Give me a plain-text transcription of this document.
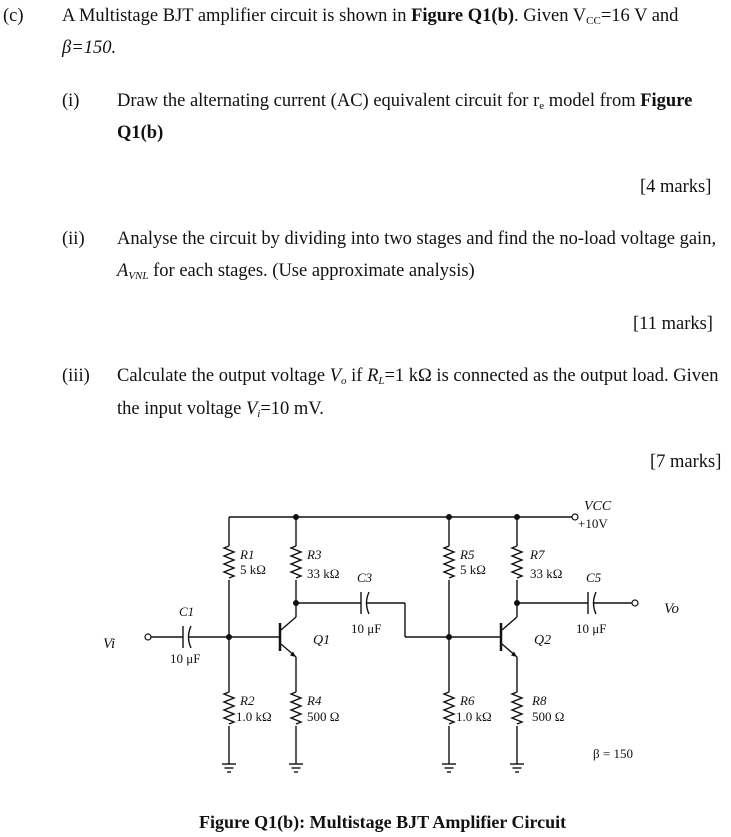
(c) A Multistage BJT amplifier circuit is shown in Figure Q1(b). Given $V_{CC}=16$ V and
β=150.
(i) Draw the alternating current (AC) equivalent circuit for $r_e$ model from Figure
Q1(b)
[4 marks]
(ii) Analyse the circuit by dividing into two stages and find the no-load voltage gain,
$A_{VNL}$ for each stages. (Use approximate analysis)
[11 marks]
(iii) Calculate the output voltage $V_o$ if $R_L=1$ kΩ is connected as the output load. Given
the input voltage $V_i=10$ mV.
[7 marks]
VCC
+10V
R1
5 kΩ
R2
1.0 kΩ
C1
10 μF
Vi	Q1
R3
33 kΩ C3
10 μF
R4
500 Ω
R5
5 kΩ
R6
1.0 kΩ
Q2
R7
33 kΩ C5
10 μF
Vo
R8
500 Ω
β = 150
Figure Q1(b): Multistage BJT Amplifier Circuit
